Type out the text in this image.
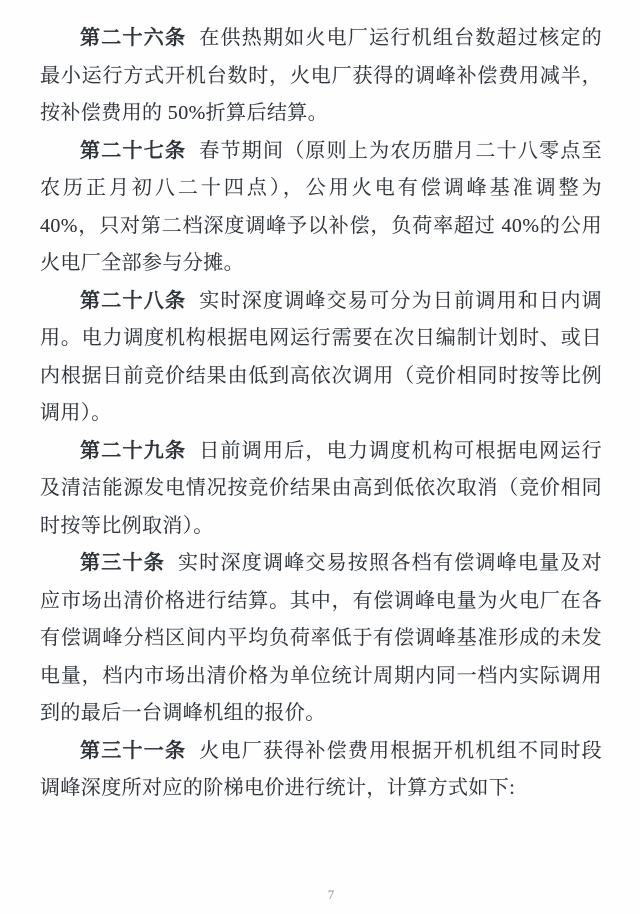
第二十六条 在供热期如火电厂运行机组台数超过核定的最小运行方式开机台数时，火电厂获得的调峰补偿费用减半，按补偿费用的 50%折算后结算。

第二十七条 春节期间（原则上为农历腊月二十八零点至农历正月初八二十四点），公用火电有偿调峰基准调整为 40%，只对第二档深度调峰予以补偿，负荷率超过 40%的公用火电厂全部参与分摊。

第二十八条 实时深度调峰交易可分为日前调用和日内调用。电力调度机构根据电网运行需要在次日编制计划时、或日内根据日前竞价结果由低到高依次调用（竞价相同时按等比例调用）。

第二十九条 日前调用后，电力调度机构可根据电网运行及清洁能源发电情况按竞价结果由高到低依次取消（竞价相同时按等比例取消）。

第三十条 实时深度调峰交易按照各档有偿调峰电量及对应市场出清价格进行结算。其中，有偿调峰电量为火电厂在各有偿调峰分档区间内平均负荷率低于有偿调峰基准形成的未发电量，档内市场出清价格为单位统计周期内同一档内实际调用到的最后一台调峰机组的报价。

第三十一条 火电厂获得补偿费用根据开机机组不同时段调峰深度所对应的阶梯电价进行统计，计算方式如下:

7
